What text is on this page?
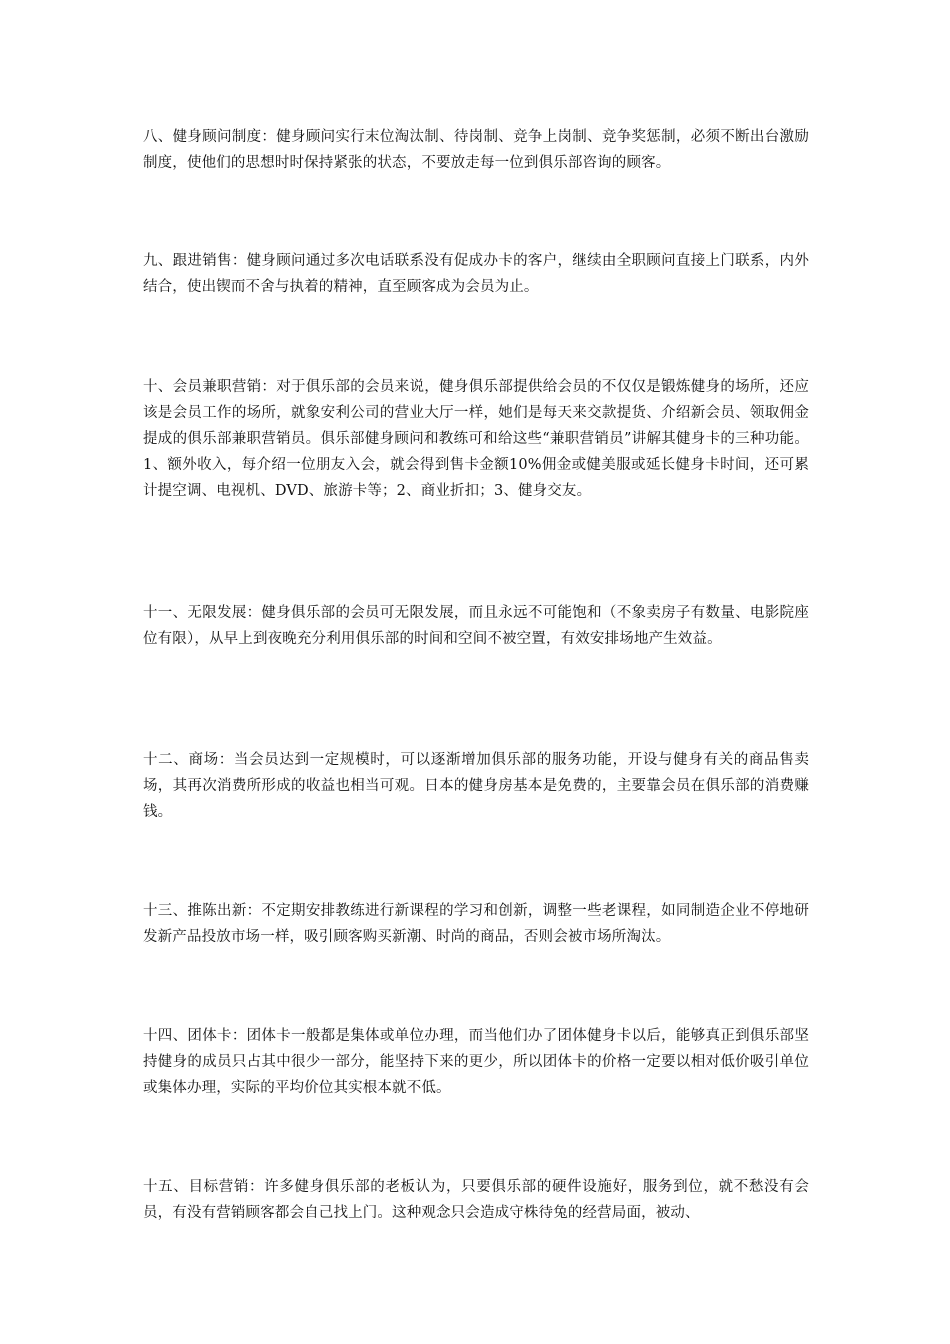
八、健身顾问制度：健身顾问实行末位淘汰制、待岗制、竞争上岗制、竞争奖惩制，必须不断出台激励制度，使他们的思想时时保持紧张的状态，不要放走每一位到俱乐部咨询的顾客。

九、跟进销售：健身顾问通过多次电话联系没有促成办卡的客户，继续由全职顾问直接上门联系，内外结合，使出锲而不舍与执着的精神，直至顾客成为会员为止。

十、会员兼职营销：对于俱乐部的会员来说，健身俱乐部提供给会员的不仅仅是锻炼健身的场所，还应该是会员工作的场所，就象安利公司的营业大厅一样，她们是每天来交款提货、介绍新会员、领取佣金提成的俱乐部兼职营销员。俱乐部健身顾问和教练可和给这些“兼职营销员”讲解其健身卡的三种功能。1、额外收入，每介绍一位朋友入会，就会得到售卡金额10%佣金或健美服或延长健身卡时间，还可累计提空调、电视机、DVD、旅游卡等；2、商业折扣；3、健身交友。

十一、无限发展：健身俱乐部的会员可无限发展，而且永远不可能饱和（不象卖房子有数量、电影院座位有限），从早上到夜晚充分利用俱乐部的时间和空间不被空置，有效安排场地产生效益。

十二、商场：当会员达到一定规模时，可以逐渐增加俱乐部的服务功能，开设与健身有关的商品售卖场，其再次消费所形成的收益也相当可观。日本的健身房基本是免费的，主要靠会员在俱乐部的消费赚钱。

十三、推陈出新：不定期安排教练进行新课程的学习和创新，调整一些老课程，如同制造企业不停地研发新产品投放市场一样，吸引顾客购买新潮、时尚的商品，否则会被市场所淘汰。

十四、团体卡：团体卡一般都是集体或单位办理，而当他们办了团体健身卡以后，能够真正到俱乐部坚持健身的成员只占其中很少一部分，能坚持下来的更少，所以团体卡的价格一定要以相对低价吸引单位或集体办理，实际的平均价位其实根本就不低。

十五、目标营销：许多健身俱乐部的老板认为，只要俱乐部的硬件设施好，服务到位，就不愁没有会员，有没有营销顾客都会自己找上门。这种观念只会造成守株待兔的经营局面，被动、
